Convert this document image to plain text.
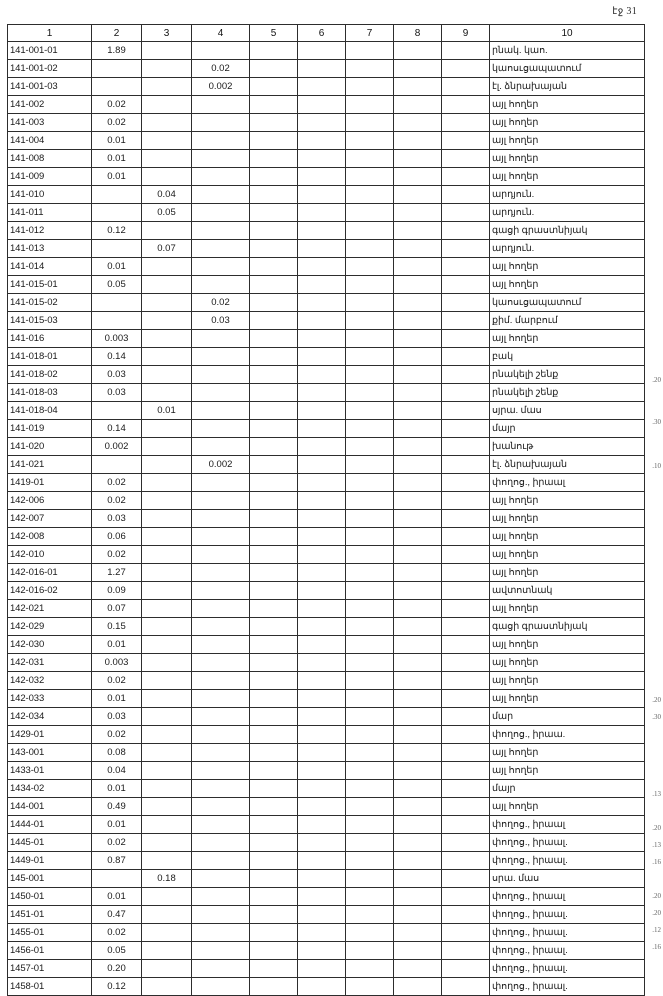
էջ 31
1	2	3	4	5	6	7	8	9	10
141-001-01	1.89								րնակ. կաո.
141-001-02			0.02						կաոսւցապատում
141-001-03			0.002						էլ. ձնրախայան
141-002	0.02								այլ հողեր
141-003	0.02								այլ հողեր
141-004	0.01								այլ հողեր
141-008	0.01								այլ հողեր
141-009	0.01								այլ հողեր
141-010		0.04							արդյուն.
141-011		0.05							արդյուն.
141-012	0.12								գացի գրաստնիյակ
141-013		0.07							արդյուն.
141-014	0.01								այլ հողեր
141-015-01	0.05								այլ հողեր
141-015-02			0.02						կաոսւցապատում
141-015-03			0.03						քիմ. մարբում
141-016	0.003								այլ հողեր
141-018-01	0.14								բակ
141-018-02	0.03								րնակելի շենք
141-018-03	0.03								րնակելի շենք
141-018-04		0.01							սյրա. մաս
141-019	0.14								մայր
141-020	0.002								խանութ
141-021			0.002						էլ. ձնրախայան
1419-01	0.02								փողոց., իրաալ
142-006	0.02								այլ հողեր
142-007	0.03								այլ հողեր
142-008	0.06								այլ հողեր
142-010	0.02								այլ հողեր
142-016-01	1.27								այլ հողեր
142-016-02	0.09								ավտոտնակ
142-021	0.07								այլ հողեր
142-029	0.15								գացի գրաստնիյակ
142-030	0.01								այլ հողեր
142-031	0.003								այլ հողեր
142-032	0.02								այլ հողեր
142-033	0.01								այլ հողեր
142-034	0.03								մար
1429-01	0.02								փողոց., իրաա.
143-001	0.08								այլ հողեր
1433-01	0.04								այլ հողեր
1434-02	0.01								մայր
144-001	0.49								այլ հողեր
1444-01	0.01								փողոց., իրաալ
1445-01	0.02								փողոց., իրաալ.
1449-01	0.87								փողոց., իրաալ.
145-001		0.18							սրա. մաս
1450-01	0.01								փողոց., իրաալ
1451-01	0.47								փողոց., իրաալ.
1455-01	0.02								փողոց., իրաալ.
1456-01	0.05								փողոց., իրաալ.
1457-01	0.20								փողոց., իրաալ.
1458-01	0.12								փողոց., իրաալ.
.20
.30
.10
.20
.30
.13
.20
.13
.16
.20
.20
.12
.16
